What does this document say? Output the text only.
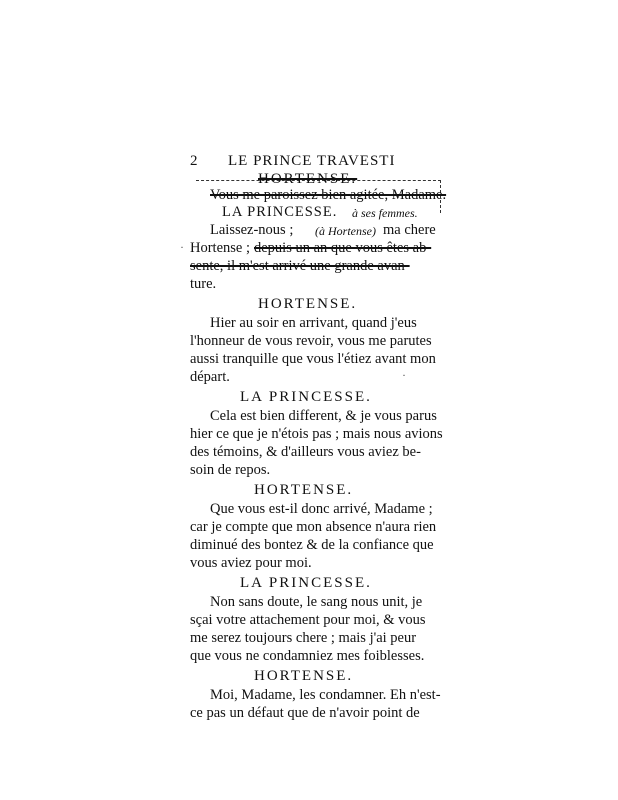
2 LE PRINCE TRAVESTI
HORTENSE.
Vous me paroissez bien agitée, Madame.
LA PRINCESSE. à ses femmes.
Laissez-nous ; (à Hortense) ma chere
Hortense ; depuis un an que vous êtes ab-
sente, il m'est arrivé une grande avan-
ture.
HORTENSE.
Hier au soir en arrivant, quand j'eus
l'honneur de vous revoir, vous me parutes
aussi tranquille que vous l'étiez avant mon
départ.
LA PRINCESSE.
Cela est bien different, & je vous parus
hier ce que je n'étois pas ; mais nous avions
des témoins, & d'ailleurs vous aviez be-
soin de repos.
HORTENSE.
Que vous est-il donc arrivé, Madame ;
car je compte que mon absence n'aura rien
diminué des bontez & de la confiance que
vous aviez pour moi.
LA PRINCESSE.
Non sans doute, le sang nous unit, je
sçai votre attachement pour moi, & vous
me serez toujours chere ; mais j'ai peur
que vous ne condamniez mes foiblesses.
HORTENSE.
Moi, Madame, les condamner. Eh n'est-
ce pas un défaut que de n'avoir point de
·
·
